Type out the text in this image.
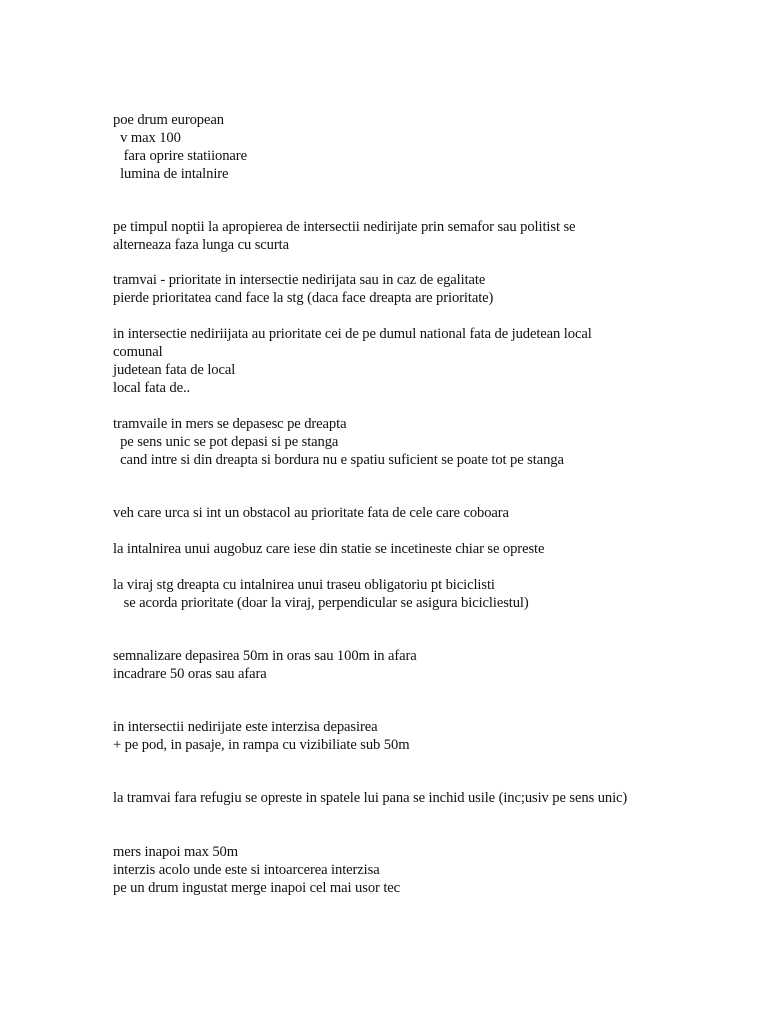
poe drum european
v max 100
fara oprire statiionare
lumina de intalnire
pe timpul noptii la apropierea de intersectii nedirijate prin semafor sau politist se
alterneaza faza lunga cu scurta
tramvai - prioritate in intersectie nedirijata sau in caz de egalitate
pierde prioritatea cand face la stg (daca face dreapta are prioritate)
in intersectie nediriijata au prioritate cei de pe dumul national fata de judetean local
comunal
judetean fata de local
local fata de..
tramvaile in mers se depasesc pe dreapta
pe sens unic se pot depasi si pe stanga
cand intre si din dreapta si bordura nu e spatiu suficient se poate tot pe stanga
veh care urca si int un obstacol au prioritate fata de cele care coboara
la intalnirea unui augobuz care iese din statie se incetineste chiar se opreste
la viraj stg dreapta cu intalnirea unui traseu obligatoriu pt biciclisti
se acorda prioritate (doar la viraj, perpendicular se asigura bicicliestul)
semnalizare depasirea 50m in oras sau 100m in afara
incadrare 50 oras sau afara
in intersectii nedirijate este interzisa depasirea
+ pe pod, in pasaje, in rampa cu vizibiliate sub 50m
la tramvai fara refugiu se opreste in spatele lui pana se inchid usile (inc;usiv pe sens unic)
mers inapoi max 50m
interzis acolo unde este si intoarcerea interzisa
pe un drum ingustat merge inapoi cel mai usor tec
